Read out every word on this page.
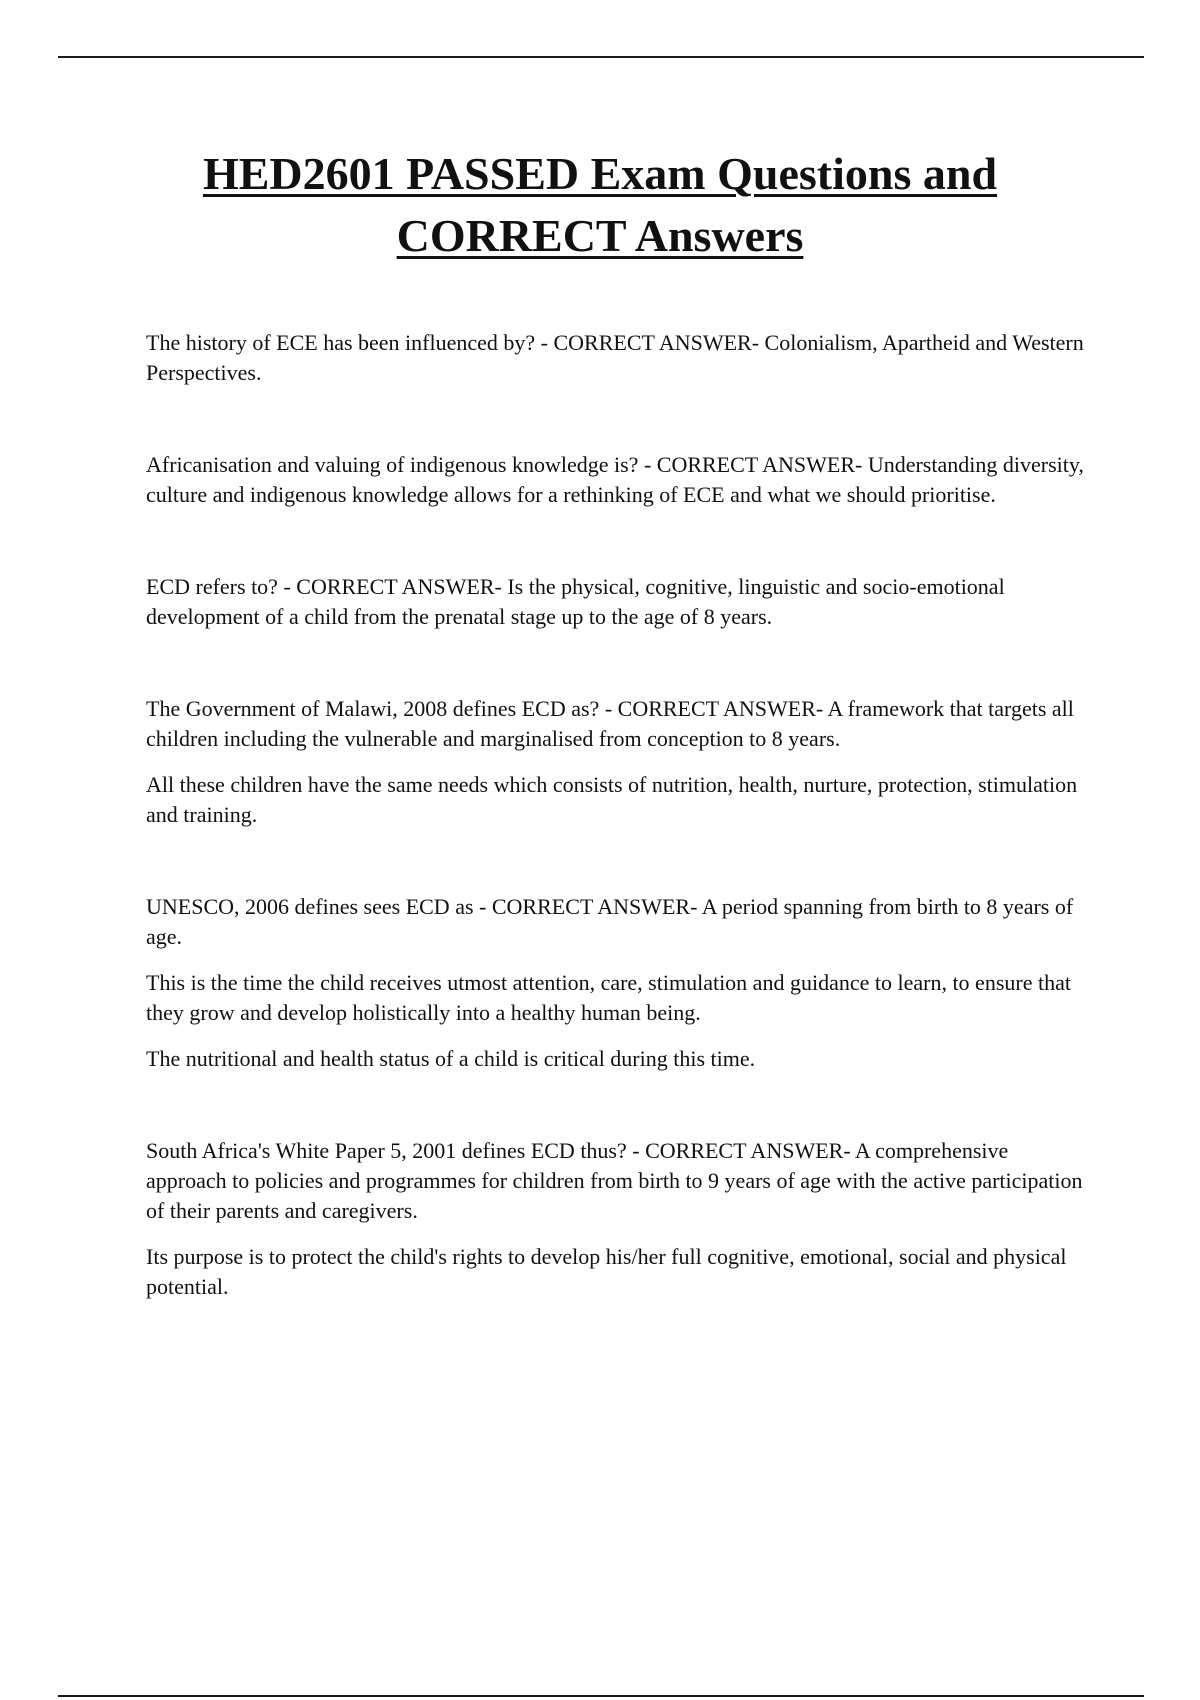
HED2601 PASSED Exam Questions and CORRECT Answers

The history of ECE has been influenced by? - CORRECT ANSWER- Colonialism, Apartheid and Western Perspectives.

Africanisation and valuing of indigenous knowledge is? - CORRECT ANSWER- Understanding diversity, culture and indigenous knowledge allows for a rethinking of ECE and what we should prioritise.

ECD refers to? - CORRECT ANSWER- Is the physical, cognitive, linguistic and socio-emotional development of a child from the prenatal stage up to the age of 8 years.

The Government of Malawi, 2008 defines ECD as? - CORRECT ANSWER- A framework that targets all children including the vulnerable and marginalised from conception to 8 years.

All these children have the same needs which consists of nutrition, health, nurture, protection, stimulation and training.

UNESCO, 2006 defines sees ECD as - CORRECT ANSWER- A period spanning from birth to 8 years of age.

This is the time the child receives utmost attention, care, stimulation and guidance to learn, to ensure that they grow and develop holistically into a healthy human being.

The nutritional and health status of a child is critical during this time.

South Africa's White Paper 5, 2001 defines ECD thus? - CORRECT ANSWER- A comprehensive approach to policies and programmes for children from birth to 9 years of age with the active participation of their parents and caregivers.

Its purpose is to protect the child's rights to develop his/her full cognitive, emotional, social and physical potential.
